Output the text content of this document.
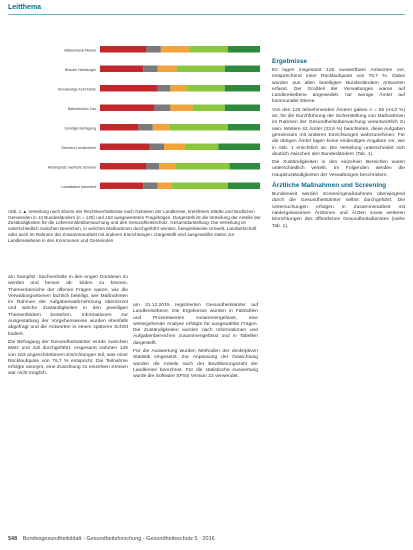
Leitthema
Bildsemanal Mondo
Bösche Hamburger
Einnaheilige Feld Kahte
Bahnstücken Zan
Sonstige Befragung
Schmerz Landkreisen
Arbeitsplatz nachteile Schulen
Lokalisation kanoniert
Abb. 1 ▲ Verteilung nach Ebene der Rechtsverhältnisse nach Gebieten der Landkreise, kreisfreien Städte und ländlichen Gemeinden in 13 Bundesländern (n = 125) und 163 ausgewerteten Fragebögen. Dargestellt ist die Verteilung der Anteile der Zuständigkeiten für die Lebensmittelüberwachung und den Gesundheitsschutz. Gesamtdarstellung: Die Verteilung ist unterschiedlich zwischen Bereichen, in welchen Maßnahmen durchgeführt werden, beispielsweise Umwelt, Landwirtschaft oder auch im Rahmen der Zusammenarbeit mit anderen Einrichtungen. Dargestellt sind ausgewählte Daten zur Landkreisebene in den Kommunen und Gemeinden.

am Samplitz. Sachverhalte in den engen Domänen zu werden und besser ab- bilden zu können. Themenbereiche der offenen Fragen waren, wie die Verwaltungsebenen fachlich beteiligt, wer Maßnahmen im Rahmen der Aufgabenwahrnehmung übernimmt und welche Zuständigkeiten in den jeweiligen Themenfeldern bestehen. Informationen zur Ausgestaltung der Vorgehensweise wurden ebenfalls abgefragt und die Antworten in einem späteren Schritt kodiert.

Die Befragung der Gesundheitsämter wurde zwischen März und Juli durchgeführt. Insgesamt nahmen 125 von 163 angeschriebenen Einrichtungen teil, was einer Rücklaufquote von 76,7 % entspricht. Die Teilnahme erfolgte anonym, eine Zuordnung zu einzelnen Kreisen war nicht möglich.

am 31.12.2015 registrierten Gesundheitsämter auf Landkreisebene. Die Ergebnisse wurden in Fallzahlen und Prozentwerten zusammengefasst, eine weitergehende Analyse erfolgte für ausgewählte Fragen. Die Zuständigkeiten wurden nach Informationen und Aufgabenbereichen zusammengefasst und in Tabellen dargestellt.

Für die Auswertung wurden Methoden der deskriptiven Statistik eingesetzt. Zur Anpassung der Gewichtung wurden die Anteile nach der Bevölkerungszahl der Landkreise berechnet. Für die statistische Auswertung wurde die Software SPSS Version 23 verwendet.

Ergebnisse

Es lagen insgesamt 125 auswertbare Antworten vor, entsprechend einer Rücklaufquote von 76,7 %. Dabei wurden aus allen beteiligten Bundesländern Antworten erfasst. Der Großteil der Verwaltungen waren auf Landkreisebene angesiedelt, nur wenige Ämter auf kommunaler Ebene.

Von den 125 teilnehmenden Ämtern gaben n = 55 (44,0 %) an, für die Durchführung der Sicherstellung von Maßnahmen im Rahmen der Gesundheitsüberwachung verantwortlich zu sein. Weitere 42 Ämter (33,6 %) berichteten, diese Aufgaben gemeinsam mit anderen Einrichtungen wahrzunehmen. Für die übrigen Ämter lagen keine eindeutigen Angaben vor, wie in Abb. 1 ersichtlich ist. Die Verteilung unterscheidet sich deutlich zwischen den Bundesländern (Tab. 1).

Die Zuständigkeiten in den einzelnen Bereichen waren unterschiedlich verteilt. Im Folgenden werden die Hauptzuständigkeiten der Verwaltungen beschrieben.

Ärztliche Maßnahmen und Screening

Bundesweit werden Screeningmaßnahmen überwiegend durch die Gesundheitsämter selbst durchgeführt. Die Untersuchungen erfolgen in Zusammenarbeit mit niedergelassenen Ärztinnen und Ärzten sowie weiteren Einrichtungen des öffentlichen Gesundheitsdienstes (siehe Tab. 1).

548 Bundesgesundheitsblatt - Gesundheitsforschung - Gesundheitsschutz 5 · 2016
